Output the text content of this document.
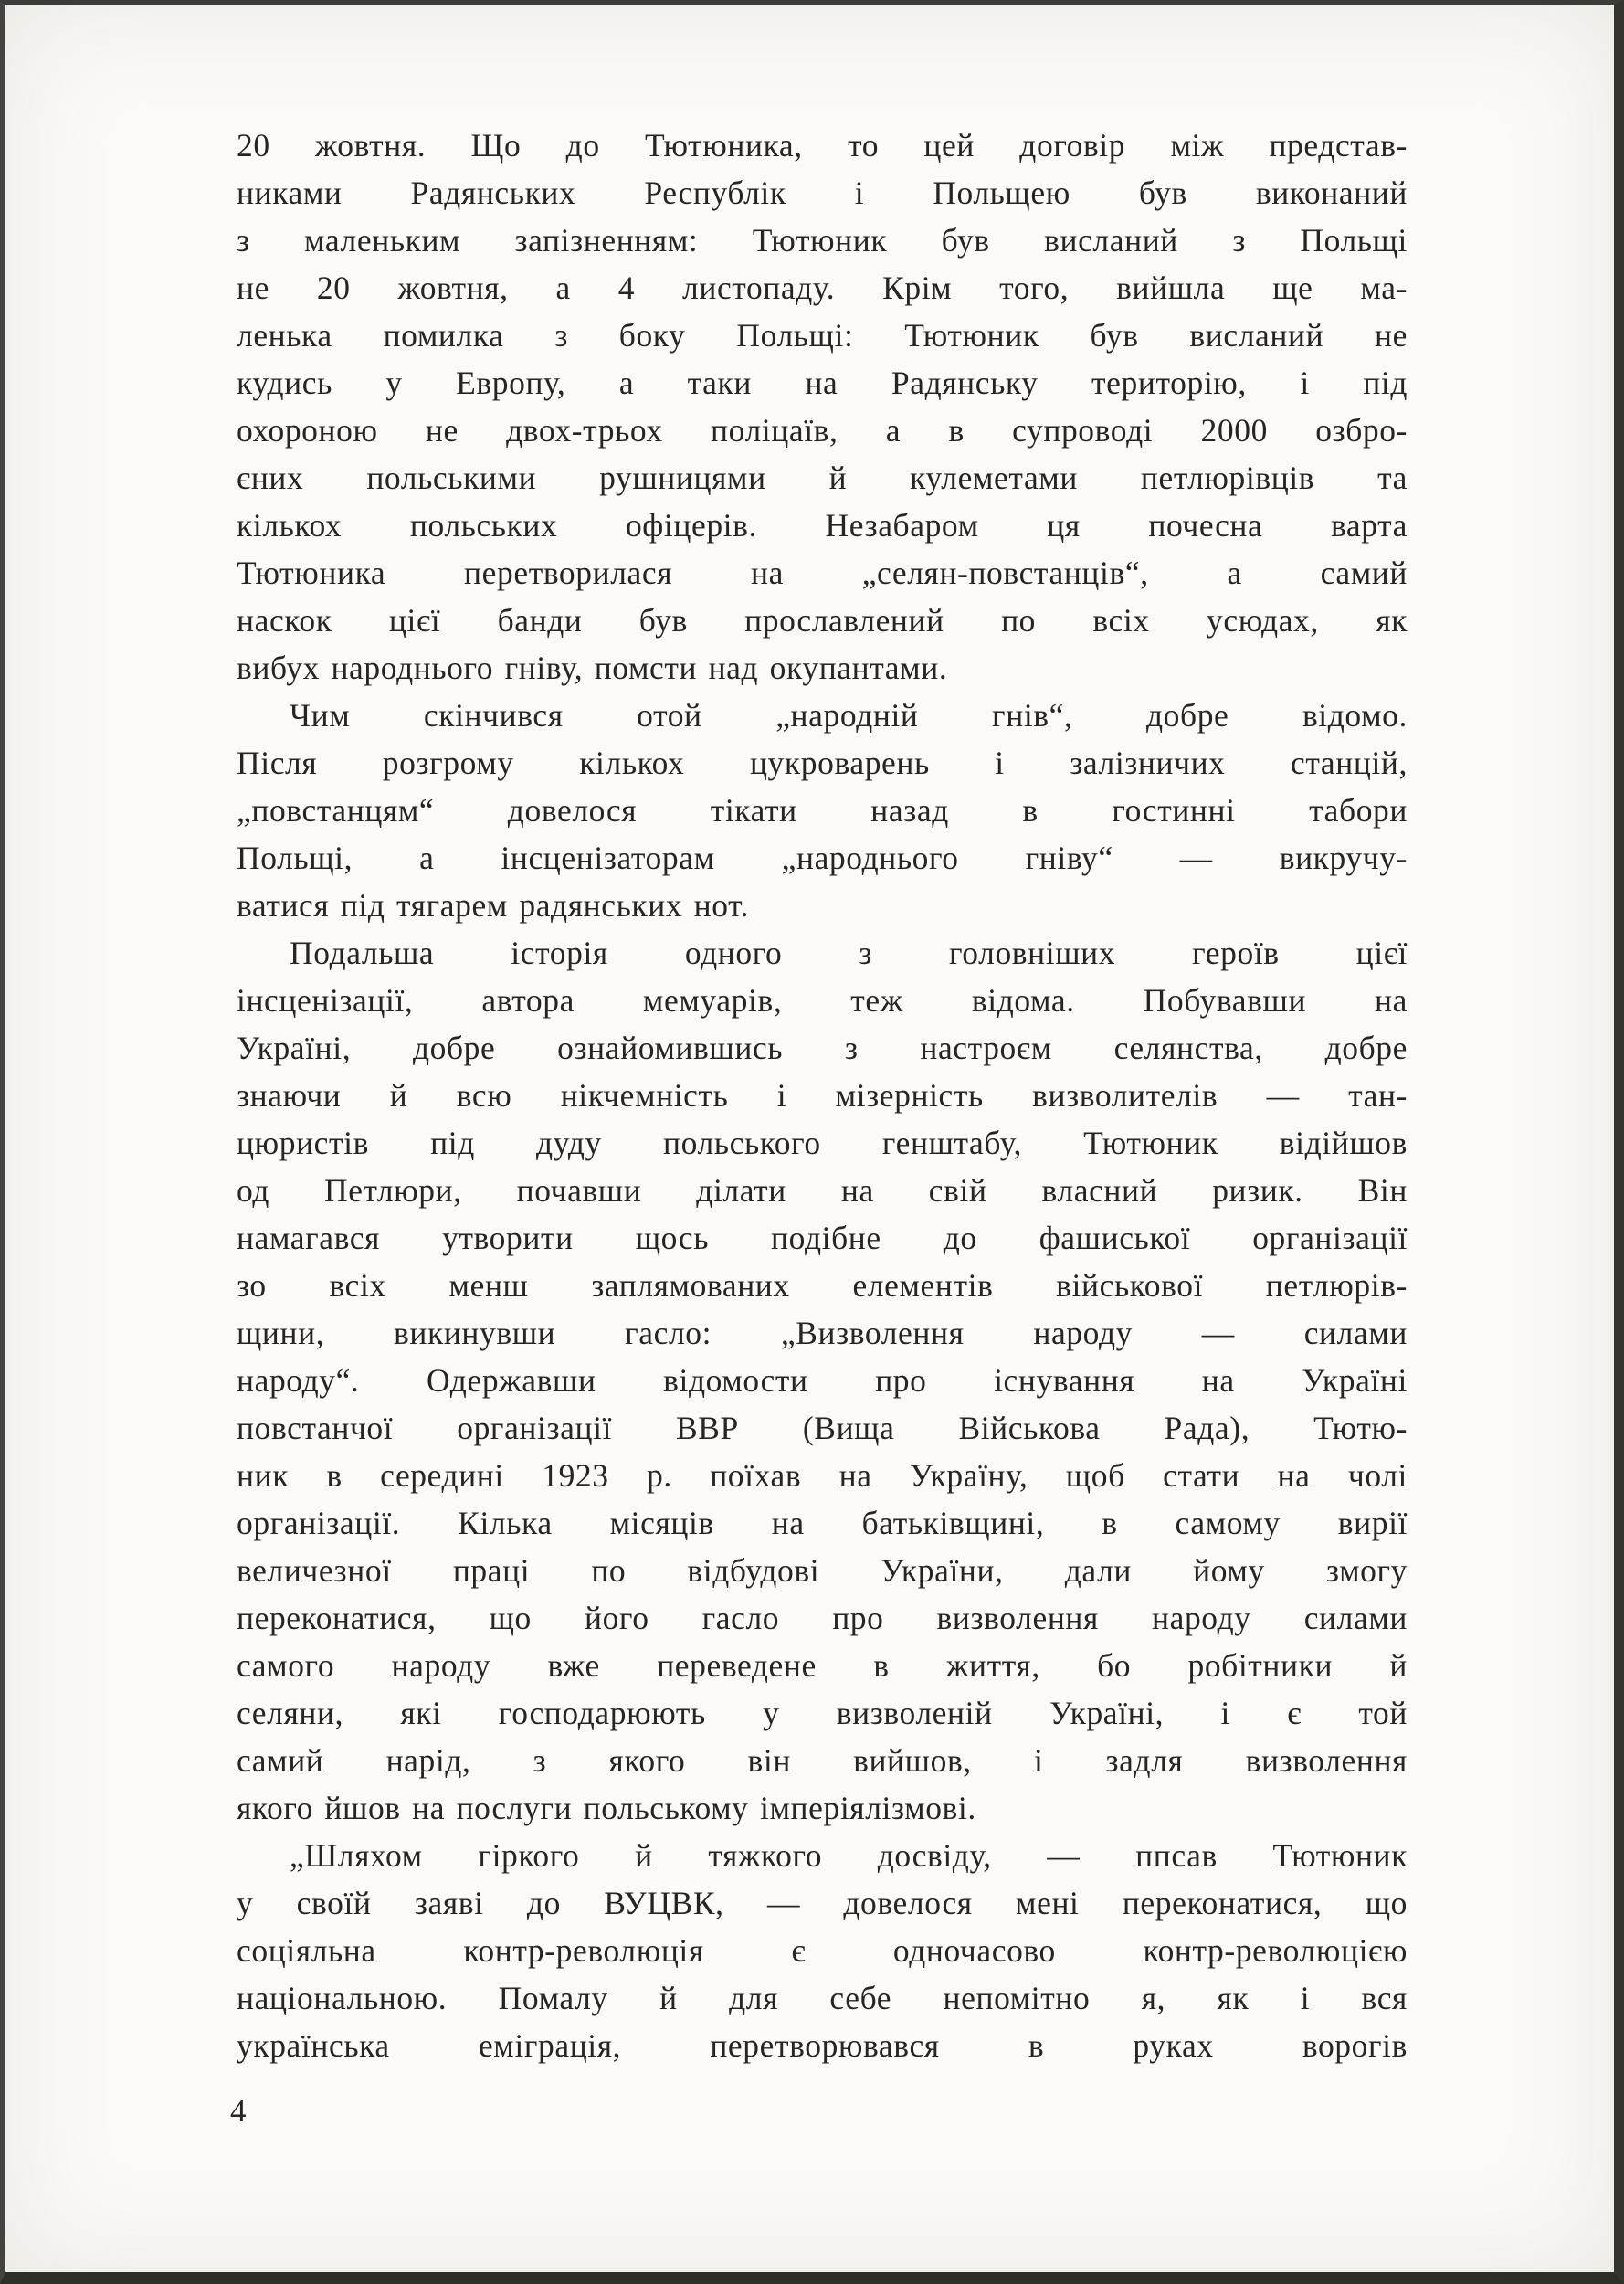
20 жовтня. Що до Тютюника, то цей договір між представ-
никами Радянських Республік і Польщею був виконаний
з маленьким запізненням: Тютюник був висланий з Польщі
не 20 жовтня, а 4 листопаду. Крім того, вийшла ще ма-
ленька помилка з боку Польщі: Тютюник був висланий не
кудись у Европу, а таки на Радянську територію, і під
охороною не двох-трьох поліцаїв, а в супроводі 2000 озбро-
єних польськими рушницями й кулеметами петлюрівців та
кількох польських офіцерів. Незабаром ця почесна варта
Тютюника перетворилася на „селян-повстанців“, а самий
наскок цієї банди був прославлений по всіх усюдах, як
вибух народнього гніву, помсти над окупантами.
Чим скінчився отой „народній гнів“, добре відомо.
Після розгрому кількох цукроварень і залізничих станцій,
„повстанцям“ довелося тікати назад в гостинні табори
Польщі, а інсценізаторам „народнього гніву“ — викручу-
ватися під тягарем радянських нот.
Подальша історія одного з головніших героїв цієї
інсценізації, автора мемуарів, теж відома. Побувавши на
Україні, добре ознайомившись з настроєм селянства, добре
знаючи й всю нікчемність і мізерність визволителів — тан-
цюристів під дуду польського генштабу, Тютюник відійшов
од Петлюри, почавши ділати на свій власний ризик. Він
намагався утворити щось подібне до фашиської організації
зо всіх менш заплямованих елементів військової петлюрів-
щини, викинувши гасло: „Визволення народу — силами
народу“. Одержавши відомости про існування на Україні
повстанчої організації ВВР (Вища Військова Рада), Тютю-
ник в середині 1923 р. поїхав на Україну, щоб стати на чолі
організації. Кілька місяців на батьківщині, в самому вирії
величезної праці по відбудові України, дали йому змогу
переконатися, що його гасло про визволення народу силами
самого народу вже переведене в життя, бо робітники й
селяни, які господарюють у визволеній Україні, і є той
самий нарід, з якого він вийшов, і задля визволення
якого йшов на послуги польському імперіялізмові.
„Шляхом гіркого й тяжкого досвіду, — ппсав Тютюник
у своїй заяві до ВУЦВК, — довелося мені переконатися, що
соціяльна контр-революція є одночасово контр-революцією
національною. Помалу й для себе непомітно я, як і вся
українська еміграція, перетворювався в руках ворогів
4
